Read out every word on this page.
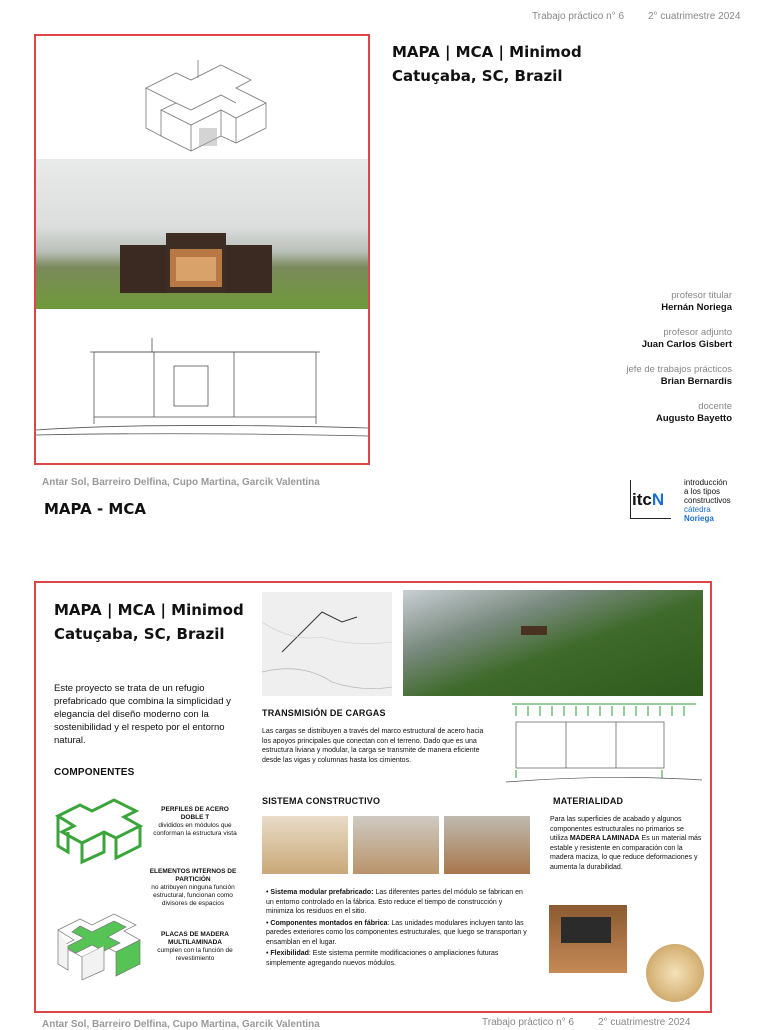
Trabajo práctico n° 6 2° cuatrimestre 2024
MAPA | MCA | Minimod
Catuçaba, SC, Brazil
profesor titular
Hernán Noriega
profesor adjunto
Juan Carlos Gisbert
jefe de trabajos prácticos
Brian Bernardis
docente
Augusto Bayetto
Antar Sol, Barreiro Delfina, Cupo Martina, Garcik Valentina
MAPA - MCA	itcN
introducción
a los tipos
constructivos
cátedra
Noriega
MAPA | MCA | Minimod Catuçaba, SC, Brazil
Este proyecto se trata de un refugio prefabricado que combina la simplicidad y elegancia del diseño moderno con la sostenibilidad y el respeto por el entorno natural.
COMPONENTES
PERFILES DE ACERO DOBLE T
divididos en módulos que conforman la estructura vista
ELEMENTOS INTERNOS DE PARTICIÓN
no atribuyen ninguna función estructural, funcionan como divisores de espacios
PLACAS DE MADERA MULTILAMINADA
cumplen con la función de revestimiento
TRANSMISIÓN DE CARGAS
Las cargas se distribuyen a través del marco estructural de acero hacia los apoyos principales que conectan con el terreno. Dado que es una estructura liviana y modular, la carga se transmite de manera eficiente desde las vigas y columnas hasta los cimientos.
SISTEMA CONSTRUCTIVO
• Sistema modular prefabricado: Las diferentes partes del módulo se fabrican en un entorno controlado en la fábrica. Esto reduce el tiempo de construcción y minimiza los residuos en el sitio.
• Componentes montados en fábrica: Las unidades modulares incluyen tanto las paredes exteriores como los componentes estructurales, que luego se transportan y ensamblan en el lugar.
• Flexibilidad: Este sistema permite modificaciones o ampliaciones futuras simplemente agregando nuevos módulos.
MATERIALIDAD
Para las superficies de acabado y algunos componentes estructurales no primarios se utiliza MADERA LAMINADA Es un material más estable y resistente en comparación con la madera maciza, lo que reduce deformaciones y aumenta la durabilidad.
Antar Sol, Barreiro Delfina, Cupo Martina, Garcik Valentina	Trabajo práctico n° 6 2° cuatrimestre 2024
